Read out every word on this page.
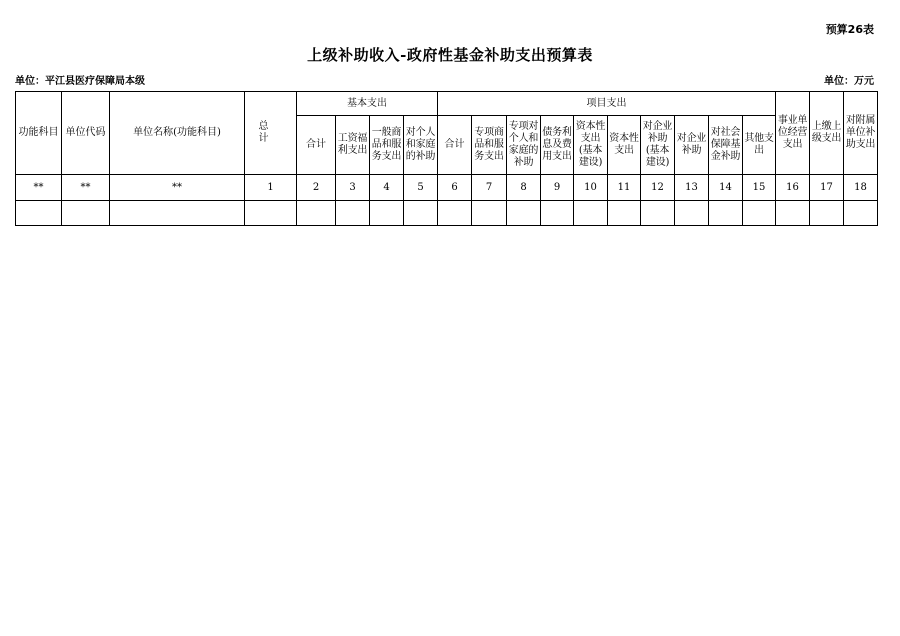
预算26表
上级补助收入-政府性基金补助支出预算表
单位：平江县医疗保障局本级	单位：万元
功能科目	单位代码	单位名称(功能科目)	总 计	基本支出				项目支出										事业单位经营支出	上缴上级支出	对附属单位补助支出
				合计	工资福利支出	一般商品和服务支出	对个人和家庭的补助	合计	专项商品和服务支出	专项对个人和家庭的补助	债务利息及费用支出	资本性支出(基本建设)	资本性支出	对企业补助(基本建设)	对企业补助	对社会保障基金补助	其他支出			
**	**	**	1	2	3	4	5	6	7	8	9	10	11	12	13	14	15	16	17	18
